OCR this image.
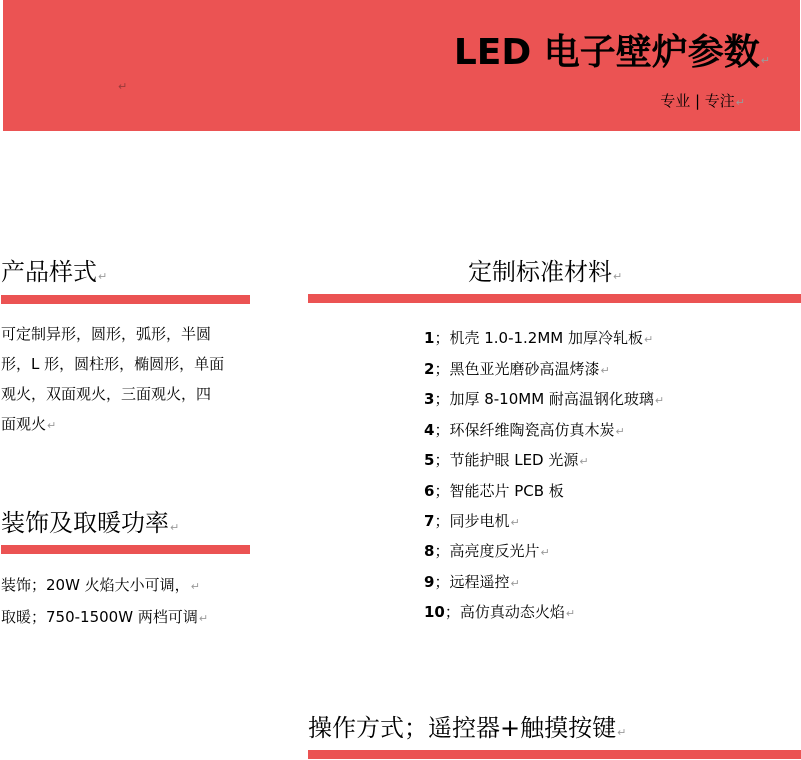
↵
LED 电子壁炉参数↵
专业 | 专注↵
产品样式↵
可定制异形，圆形，弧形，半圆
形，L 形，圆柱形，椭圆形，单面
观火，双面观火，三面观火，四
面观火↵
装饰及取暖功率↵
装饰；20W 火焰大小可调，↵
取暖；750-1500W 两档可调↵
定制标准材料↵
1；机壳 1.0-1.2MM 加厚冷轧板↵
2；黑色亚光磨砂高温烤漆↵
3；加厚 8-10MM 耐高温钢化玻璃↵
4；环保纤维陶瓷高仿真木炭↵
5；节能护眼 LED 光源↵
6；智能芯片 PCB 板
7；同步电机↵
8；高亮度反光片↵
9；远程遥控↵
10；高仿真动态火焰↵
操作方式；遥控器+触摸按键↵
